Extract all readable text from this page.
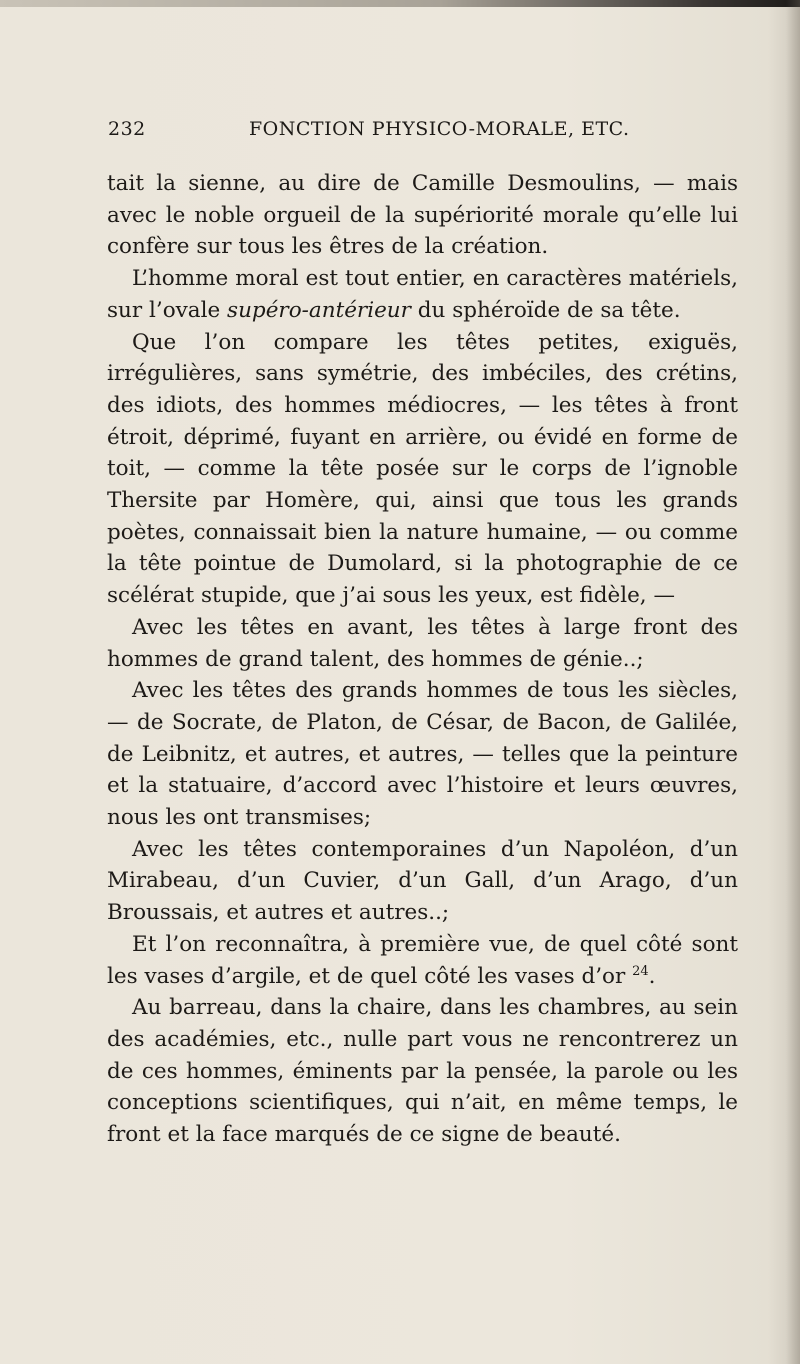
232	FONCTION PHYSICO-MORALE, ETC.

tait la sienne, au dire de Camille Desmoulins, — mais avec le noble orgueil de la supériorité morale qu’elle lui confère sur tous les êtres de la création.

L’homme moral est tout entier, en caractères matériels, sur l’ovale supéro-antérieur du sphéroïde de sa tête.

Que l’on compare les têtes petites, exiguës, irrégulières, sans symétrie, des imbéciles, des crétins, des idiots, des hommes médiocres, — les têtes à front étroit, déprimé, fuyant en arrière, ou évidé en forme de toit, — comme la tête posée sur le corps de l’ignoble Thersite par Homère, qui, ainsi que tous les grands poètes, connaissait bien la nature humaine, — ou comme la tête pointue de Dumolard, si la photographie de ce scélérat stupide, que j’ai sous les yeux, est fidèle, —

Avec les têtes en avant, les têtes à large front des hommes de grand talent, des hommes de génie..;

Avec les têtes des grands hommes de tous les siècles, — de Socrate, de Platon, de César, de Bacon, de Galilée, de Leibnitz, et autres, et autres, — telles que la peinture et la statuaire, d’accord avec l’histoire et leurs œuvres, nous les ont transmises;

Avec les têtes contemporaines d’un Napoléon, d’un Mirabeau, d’un Cuvier, d’un Gall, d’un Arago, d’un Broussais, et autres et autres..;

Et l’on reconnaîtra, à première vue, de quel côté sont les vases d’argile, et de quel côté les vases d’or $^{24}$.

Au barreau, dans la chaire, dans les chambres, au sein des académies, etc., nulle part vous ne rencontrerez un de ces hommes, éminents par la pensée, la parole ou les conceptions scientifiques, qui n’ait, en même temps, le front et la face marqués de ce signe de beauté.
